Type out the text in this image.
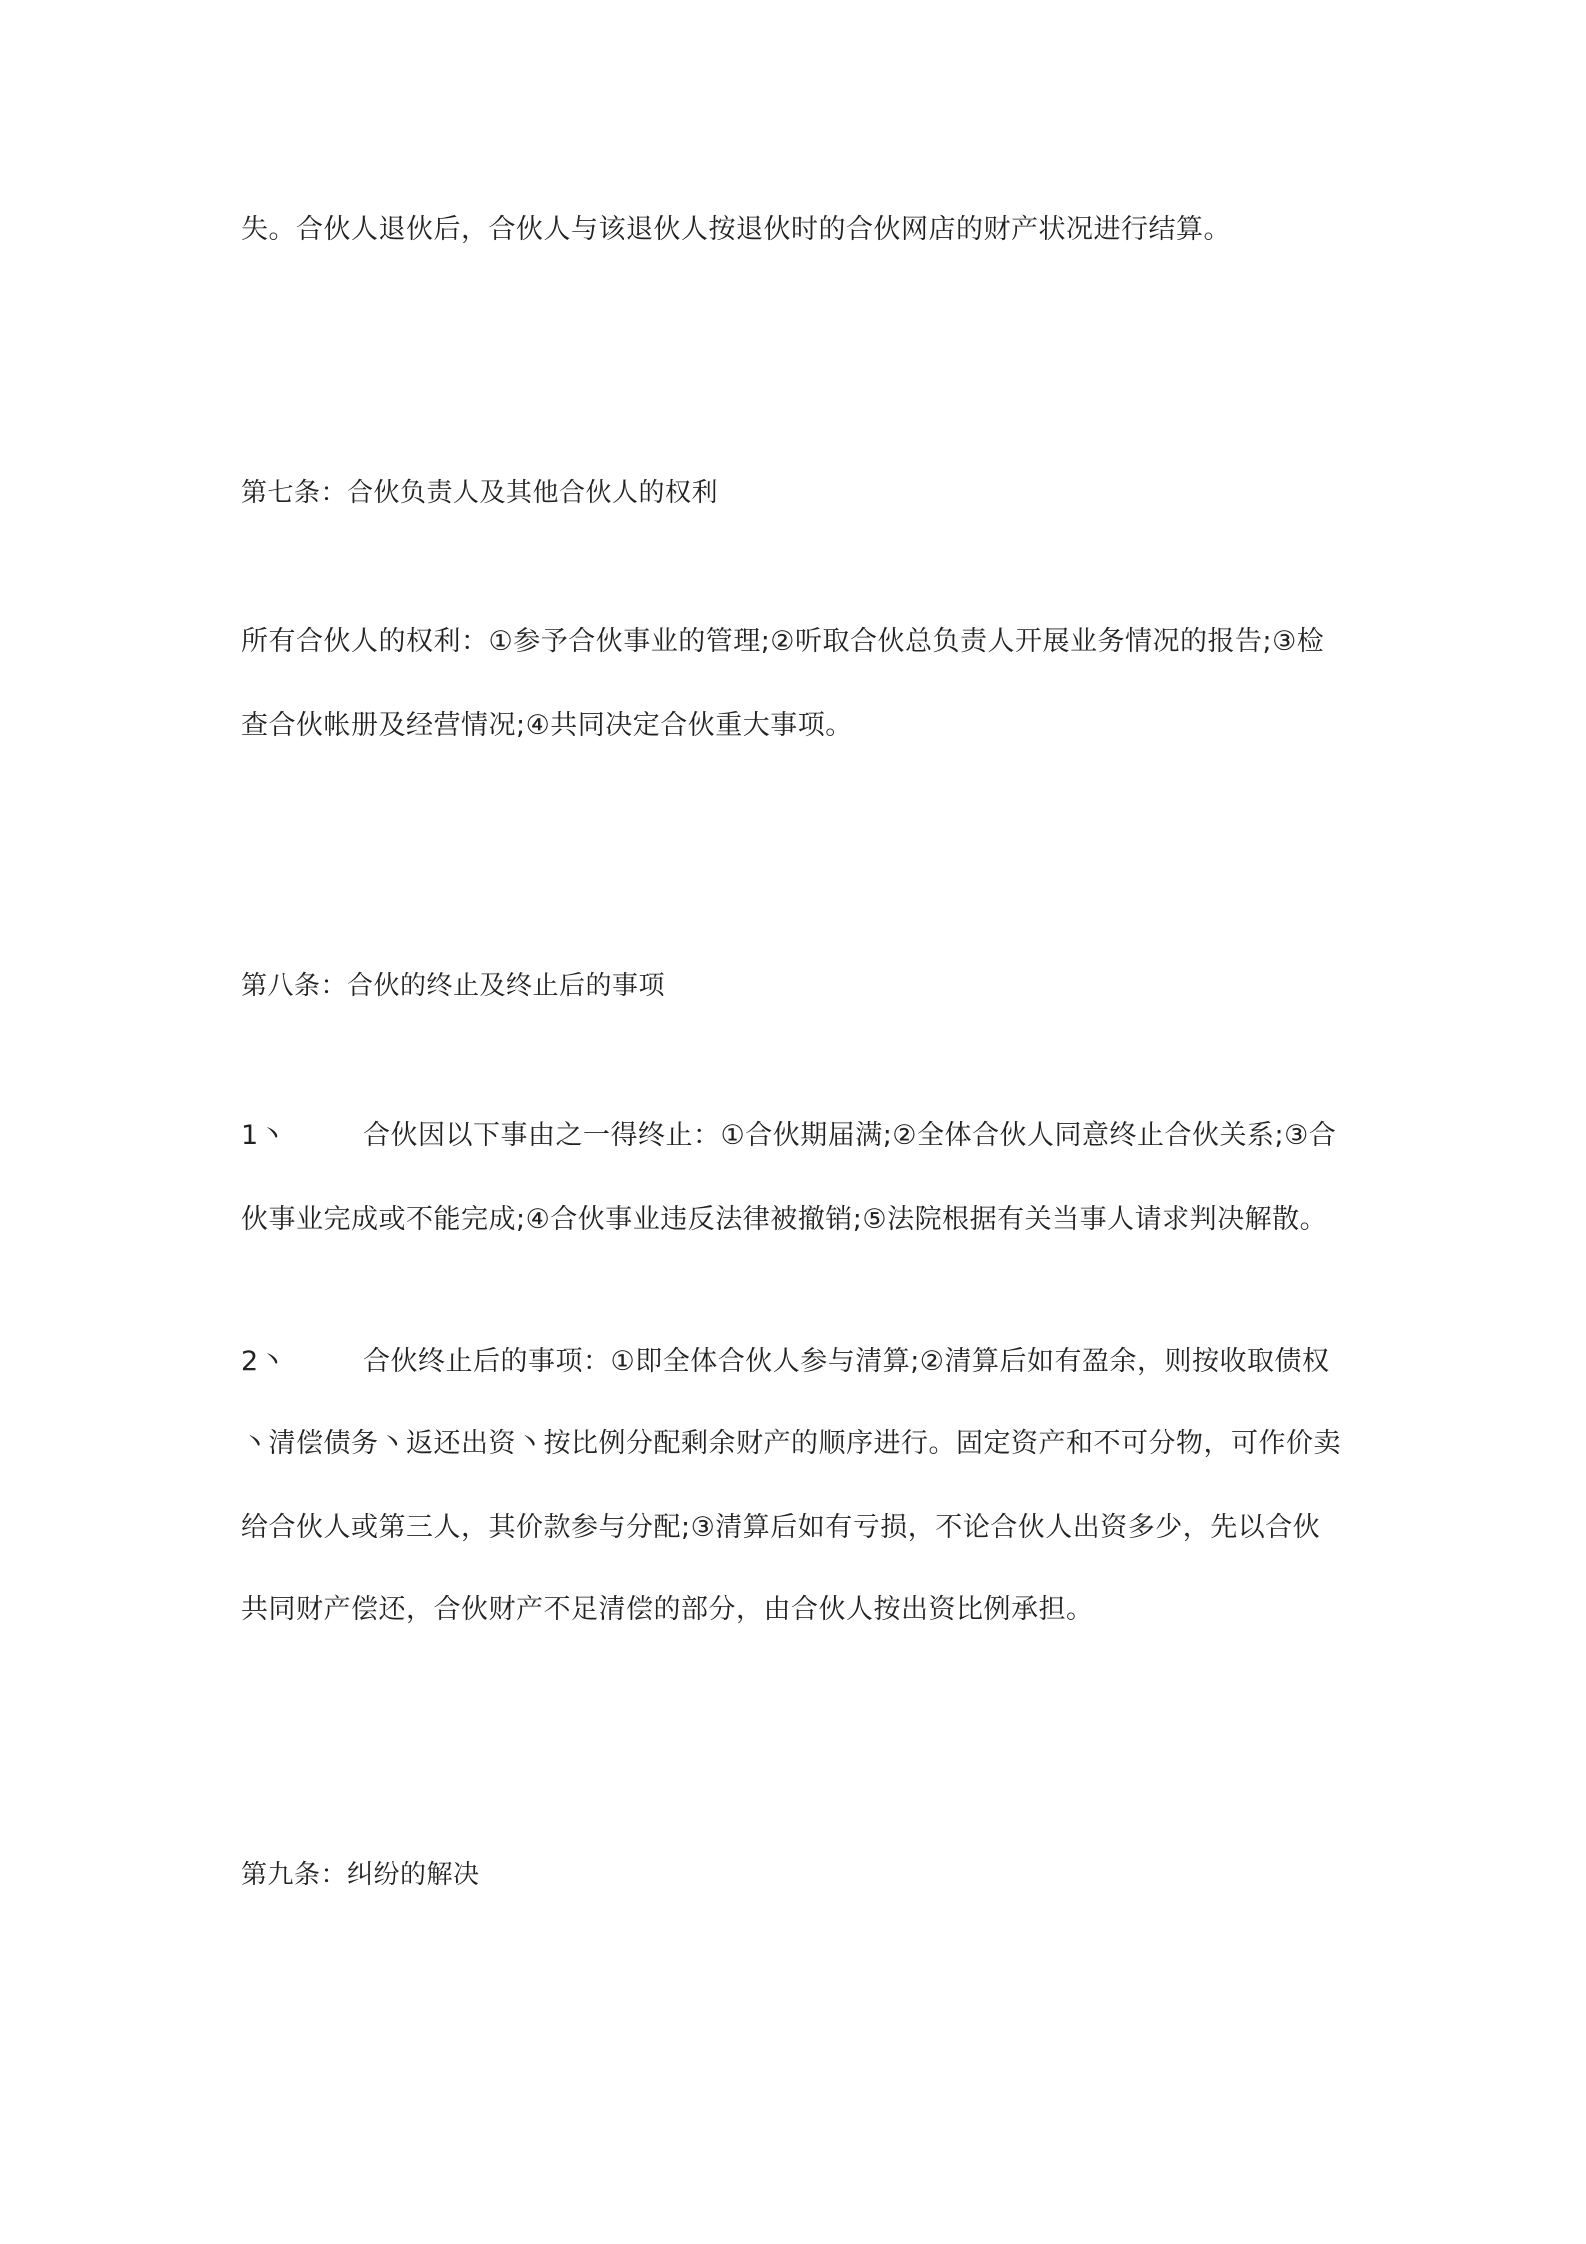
失。合伙人退伙后，合伙人与该退伙人按退伙时的合伙网店的财产状况进行结算。
第七条：合伙负责人及其他合伙人的权利
所有合伙人的权利：①参予合伙事业的管理;②听取合伙总负责人开展业务情况的报告;③检
查合伙帐册及经营情况;④共同决定合伙重大事项。
第八条：合伙的终止及终止后的事项
1丶	合伙因以下事由之一得终止：①合伙期届满;②全体合伙人同意终止合伙关系;③合
伙事业完成或不能完成;④合伙事业违反法律被撤销;⑤法院根据有关当事人请求判决解散。
2丶	合伙终止后的事项：①即全体合伙人参与清算;②清算后如有盈余，则按收取债权
丶清偿债务丶返还出资丶按比例分配剩余财产的顺序进行。固定资产和不可分物，可作价卖
给合伙人或第三人，其价款参与分配;③清算后如有亏损，不论合伙人出资多少，先以合伙
共同财产偿还，合伙财产不足清偿的部分，由合伙人按出资比例承担。
第九条：纠纷的解决
